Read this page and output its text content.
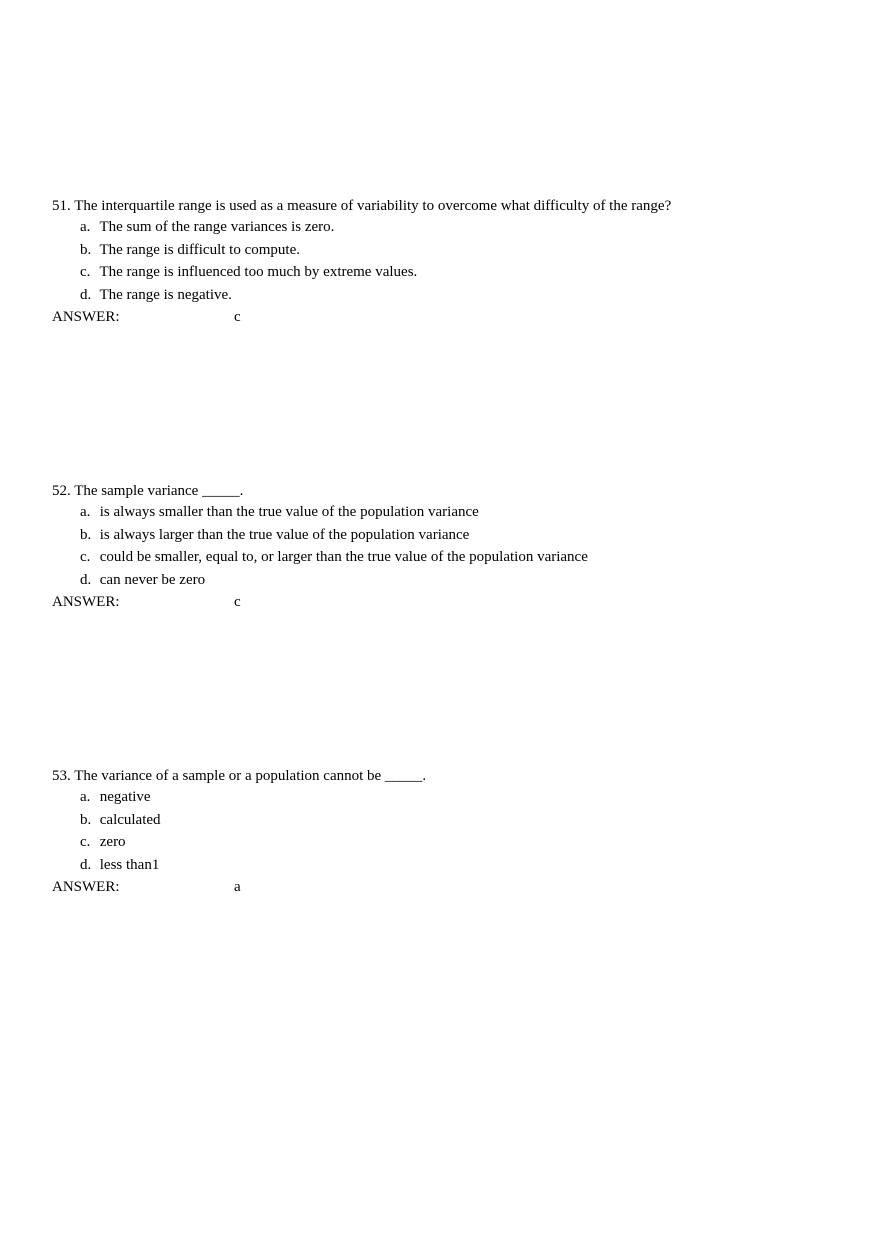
51. The interquartile range is used as a measure of variability to overcome what difficulty of the range?

a. The sum of the range variances is zero.
b. The range is difficult to compute.
c. The range is influenced too much by extreme values.
d. The range is negative.
ANSWER:	c

52. The sample variance _____.

a. is always smaller than the true value of the population variance
b. is always larger than the true value of the population variance
c. could be smaller, equal to, or larger than the true value of the population variance
d. can never be zero
ANSWER:	c

53. The variance of a sample or a population cannot be _____.

a. negative
b. calculated
c. zero
d. less than1
ANSWER:	a
